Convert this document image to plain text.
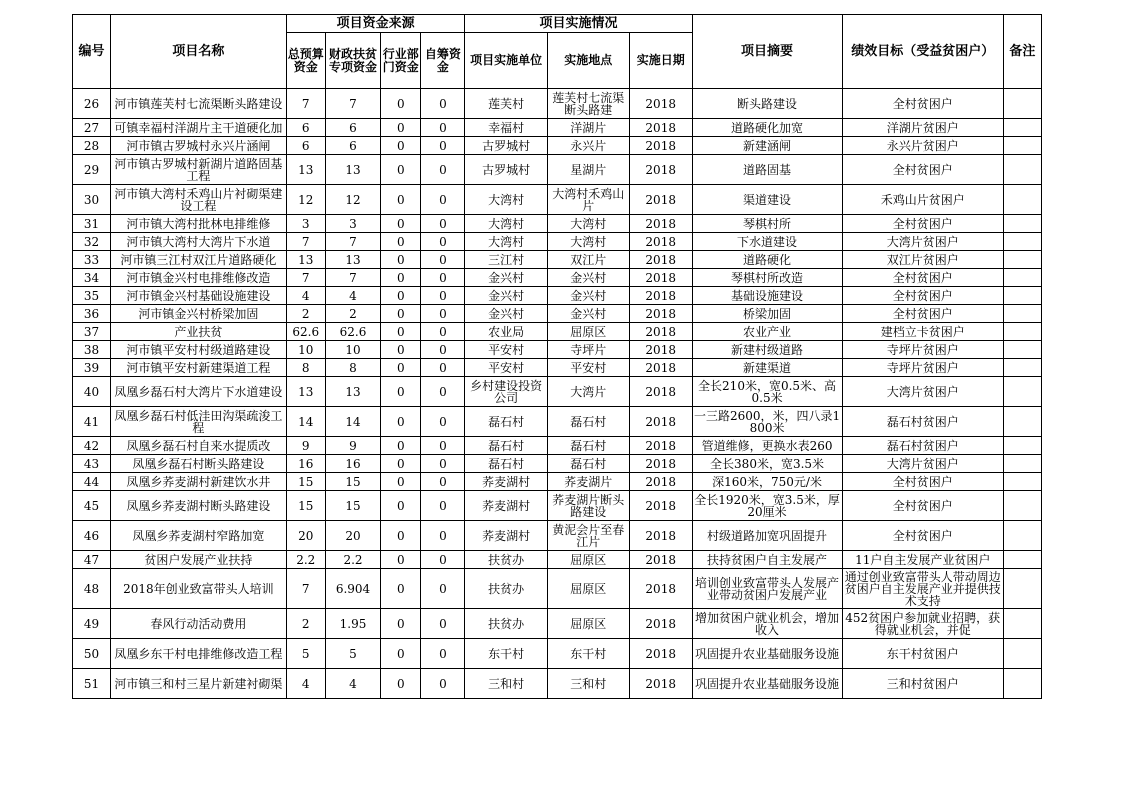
编号	项目名称	项目资金来源				项目实施情况			项目摘要	绩效目标（受益贫困户）	备注
		总预算资金	财政扶贫专项资金	行业部门资金	自筹资金	项目实施单位	实施地点	实施日期			
26	河市镇莲芙村七流渠断头路建设	7	7	0	0	莲芙村	莲芙村七流渠断头路建	2018	断头路建设	全村贫困户	
27	可镇幸福村洋湖片主干道硬化加	6	6	0	0	幸福村	洋湖片	2018	道路硬化加宽	洋湖片贫困户	
28	河市镇古罗城村永兴片涵闸	6	6	0	0	古罗城村	永兴片	2018	新建涵闸	永兴片贫困户	
29	河市镇古罗城村新湖片道路固基工程	13	13	0	0	古罗城村	星湖片	2018	道路固基	全村贫困户	
30	河市镇大湾村禾鸡山片衬砌渠建设工程	12	12	0	0	大湾村	大湾村禾鸡山片	2018	渠道建设	禾鸡山片贫困户	
31	河市镇大湾村批林电排维修	3	3	0	0	大湾村	大湾村	2018	琴棋村所	全村贫困户	
32	河市镇大湾村大湾片下水道	7	7	0	0	大湾村	大湾村	2018	下水道建设	大湾片贫困户	
33	河市镇三江村双江片道路硬化	13	13	0	0	三江村	双江片	2018	道路硬化	双江片贫困户	
34	河市镇金兴村电排维修改造	7	7	0	0	金兴村	金兴村	2018	琴棋村所改造	全村贫困户	
35	河市镇金兴村基础设施建设	4	4	0	0	金兴村	金兴村	2018	基础设施建设	全村贫困户	
36	河市镇金兴村桥梁加固	2	2	0	0	金兴村	金兴村	2018	桥梁加固	全村贫困户	
37	产业扶贫	62.6	62.6	0	0	农业局	屈原区	2018	农业产业	建档立卡贫困户	
38	河市镇平安村村级道路建设	10	10	0	0	平安村	寺坪片	2018	新建村级道路	寺坪片贫困户	
39	河市镇平安村新建渠道工程	8	8	0	0	平安村	平安村	2018	新建渠道	寺坪片贫困户	
40	凤凰乡磊石村大湾片下水道建设	13	13	0	0	乡村建设投资公司	大湾片	2018	全长210米，宽0.5米、高0.5米	大湾片贫困户	
41	凤凰乡磊石村低洼田沟渠疏浚工程	14	14	0	0	磊石村	磊石村	2018	一三路2600，米，四八录1800米	磊石村贫困户	
42	凤凰乡磊石村自来水提质改	9	9	0	0	磊石村	磊石村	2018	管道维修，更换水表260	磊石村贫困户	
43	凤凰乡磊石村断头路建设	16	16	0	0	磊石村	磊石村	2018	全长380米，宽3.5米	大湾片贫困户	
44	凤凰乡荞麦湖村新建饮水井	15	15	0	0	荞麦湖村	荞麦湖片	2018	深160米，750元/米	全村贫困户	
45	凤凰乡荞麦湖村断头路建设	15	15	0	0	荞麦湖村	荞麦湖片断头路建设	2018	全长1920米，宽3.5米，厚20厘米	全村贫困户	
46	凤凰乡荞麦湖村窄路加宽	20	20	0	0	荞麦湖村	黄泥会片至春江片	2018	村级道路加宽巩固提升	全村贫困户	
47	贫困户发展产业扶持	2.2	2.2	0	0	扶贫办	屈原区	2018	扶持贫困户自主发展产	11户自主发展产业贫困户	
48	2018年创业致富带头人培训	7	6.904	0	0	扶贫办	屈原区	2018	培训创业致富带头人发展产业带动贫困户发展产业	通过创业致富带头人带动周边贫困户自主发展产业并提供技术支持	
49	春风行动活动费用	2	1.95	0	0	扶贫办	屈原区	2018	增加贫困户就业机会，增加收入	452贫困户参加就业招聘，获得就业机会，并促	
50	凤凰乡东干村电排维修改造工程	5	5	0	0	东干村	东干村	2018	巩固提升农业基础服务设施	东干村贫困户	
51	河市镇三和村三星片新建衬砌渠	4	4	0	0	三和村	三和村	2018	巩固提升农业基础服务设施	三和村贫困户	
